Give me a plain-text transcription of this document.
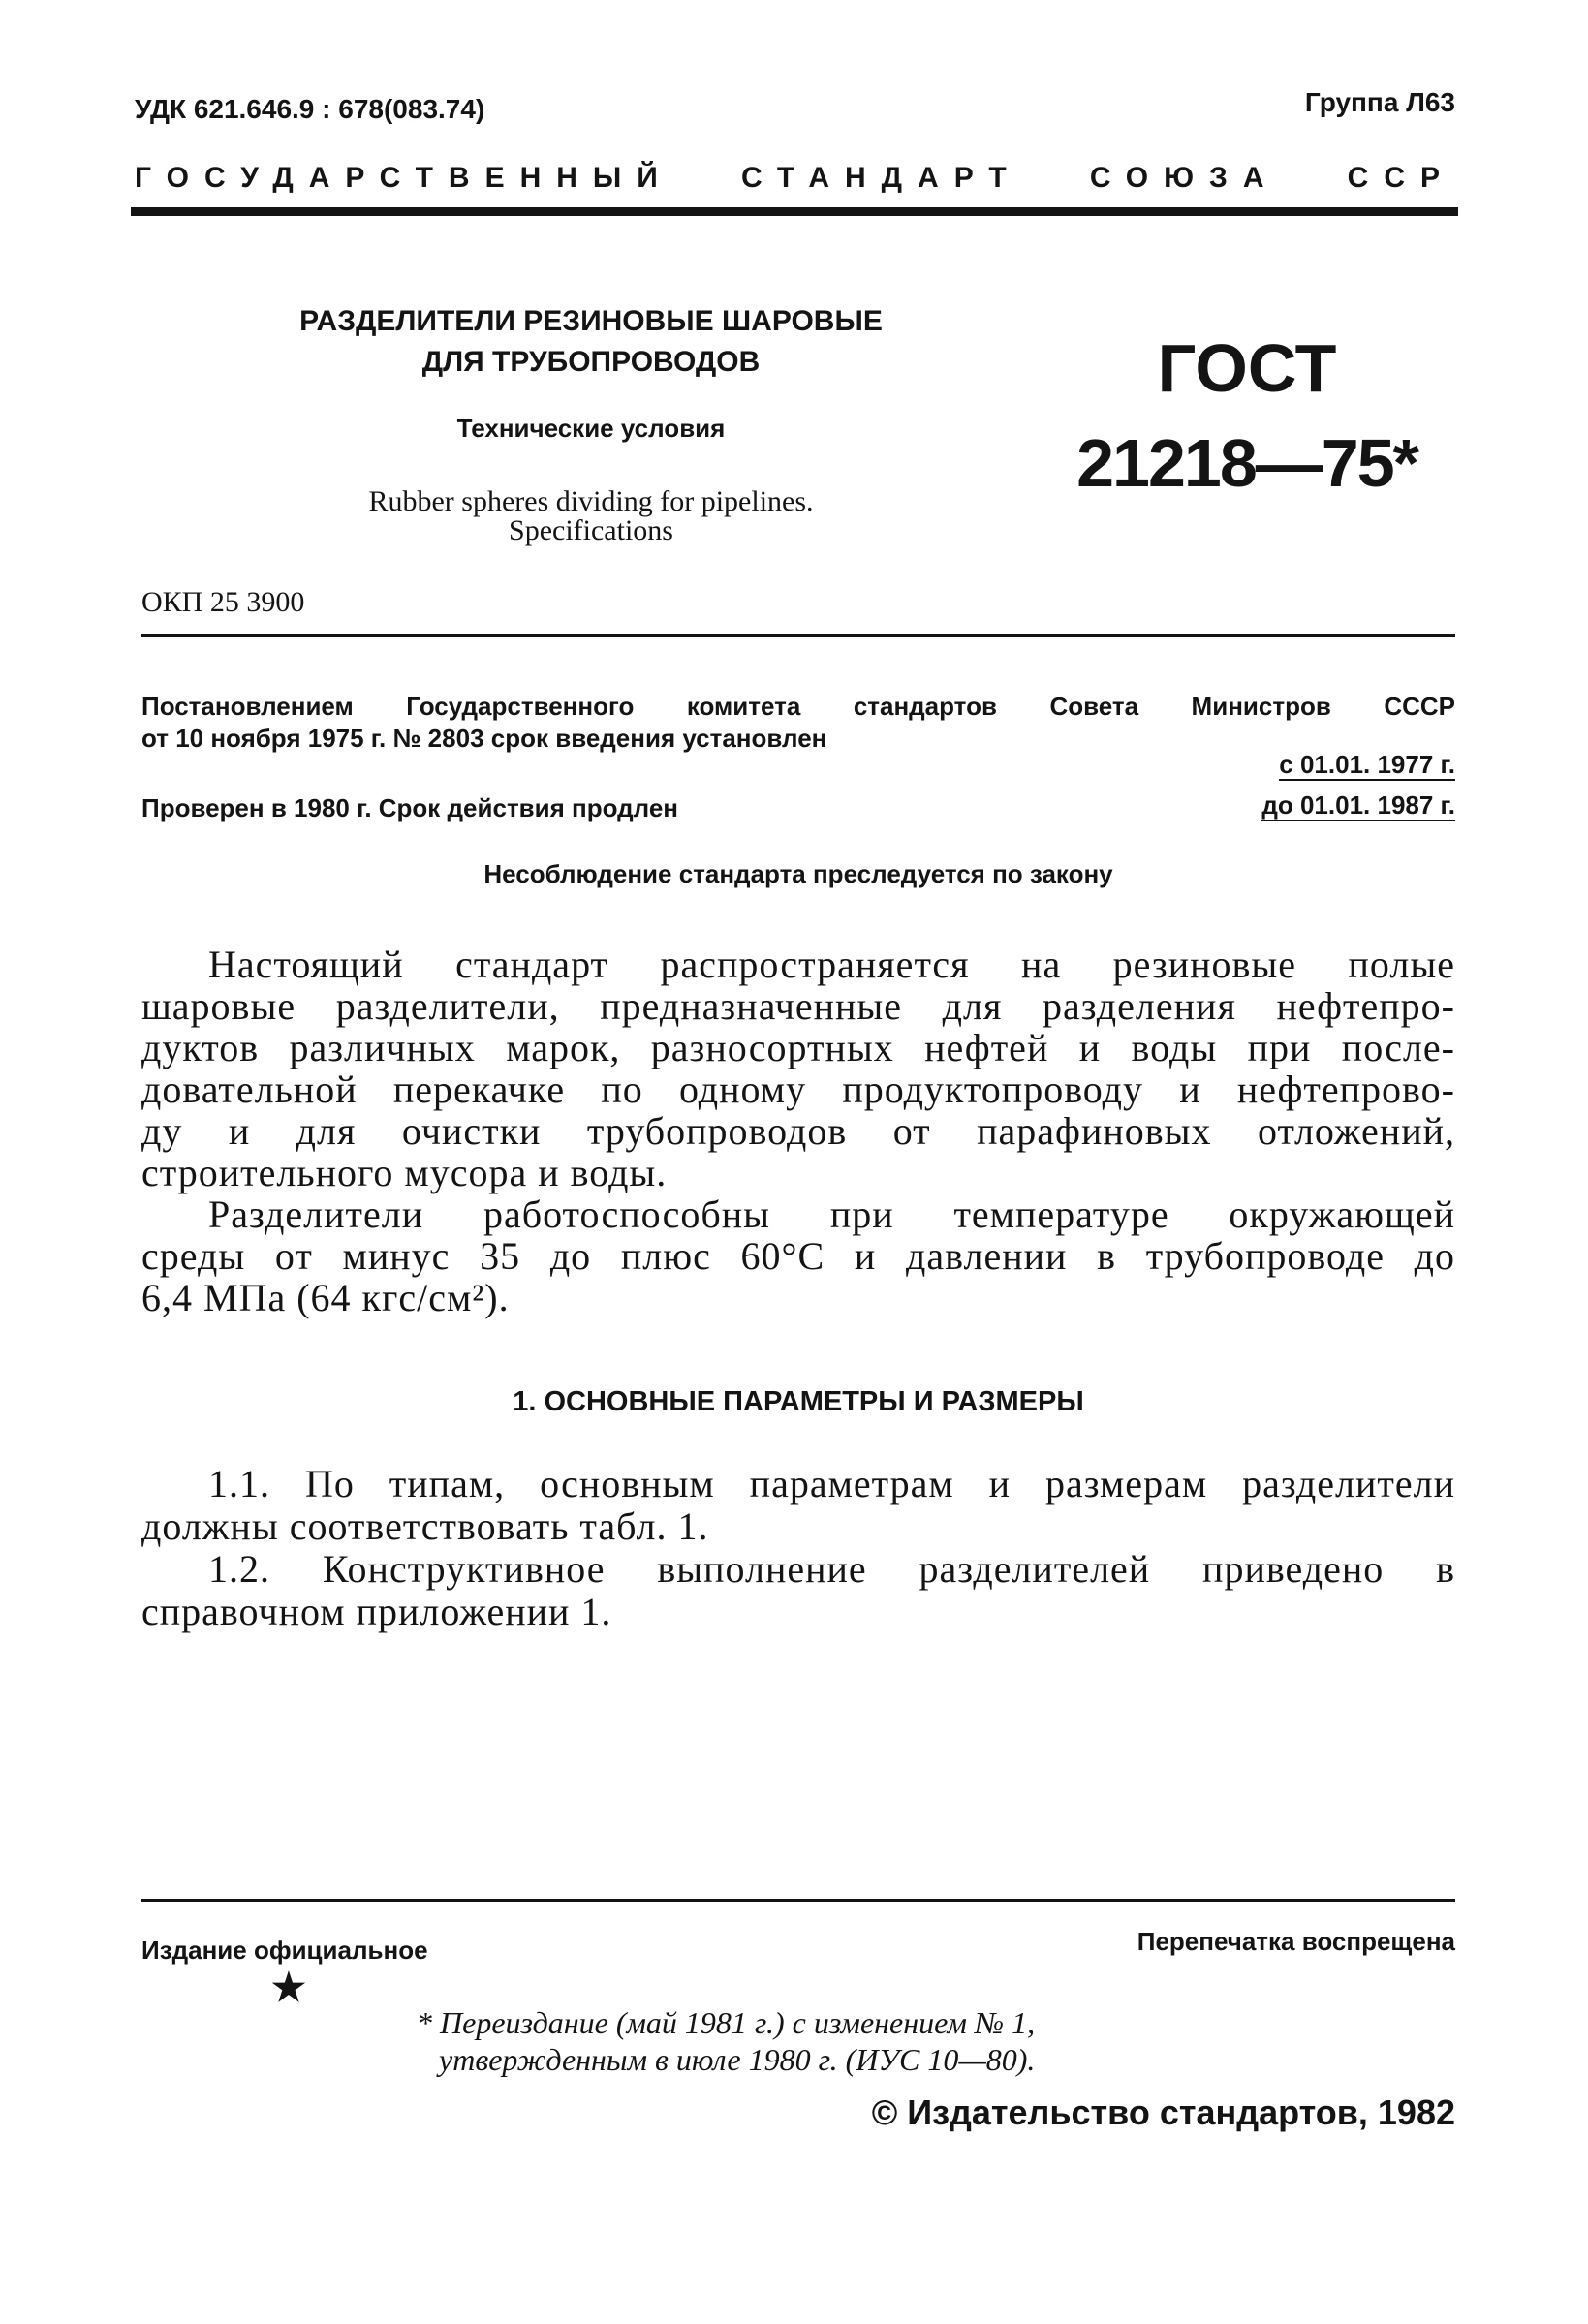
УДК 621.646.9 : 678(083.74)	Группа Л63
ГОСУДАРСТВЕННЫЙ СТАНДАРТ СОЮЗА ССР
РАЗДЕЛИТЕЛИ РЕЗИНОВЫЕ ШАРОВЫЕ
ДЛЯ ТРУБОПРОВОДОВ
Технические условия
Rubber spheres dividing for pipelines.
Specifications
ГОСТ
21218—75*
ОКП 25 3900
Постановлением Государственного комитета стандартов Совета Министров СССР
от 10 ноября 1975 г. № 2803 срок введения установлен
с 01.01. 1977 г.
Проверен в 1980 г. Срок действия продлен	до 01.01. 1987 г.
Несоблюдение стандарта преследуется по закону
Настоящий стандарт распространяется на резиновые полые
шаровые разделители, предназначенные для разделения нефтепро-
дуктов различных марок, разносортных нефтей и воды при после-
довательной перекачке по одному продуктопроводу и нефтепрово-
ду и для очистки трубопроводов от парафиновых отложений,
строительного мусора и воды.
Разделители работоспособны при температуре окружающей
среды от минус 35 до плюс 60°С и давлении в трубопроводе до
6,4 МПа (64 кгс/см²).
1. ОСНОВНЫЕ ПАРАМЕТРЫ И РАЗМЕРЫ
1.1. По типам, основным параметрам и размерам разделители
должны соответствовать табл. 1.
1.2. Конструктивное выполнение разделителей приведено в
справочном приложении 1.
Издание официальное	Перепечатка воспрещена
★
* Переиздание (май 1981 г.) с изменением № 1,
утвержденным в июле 1980 г. (ИУС 10—80).
© Издательство стандартов, 1982
